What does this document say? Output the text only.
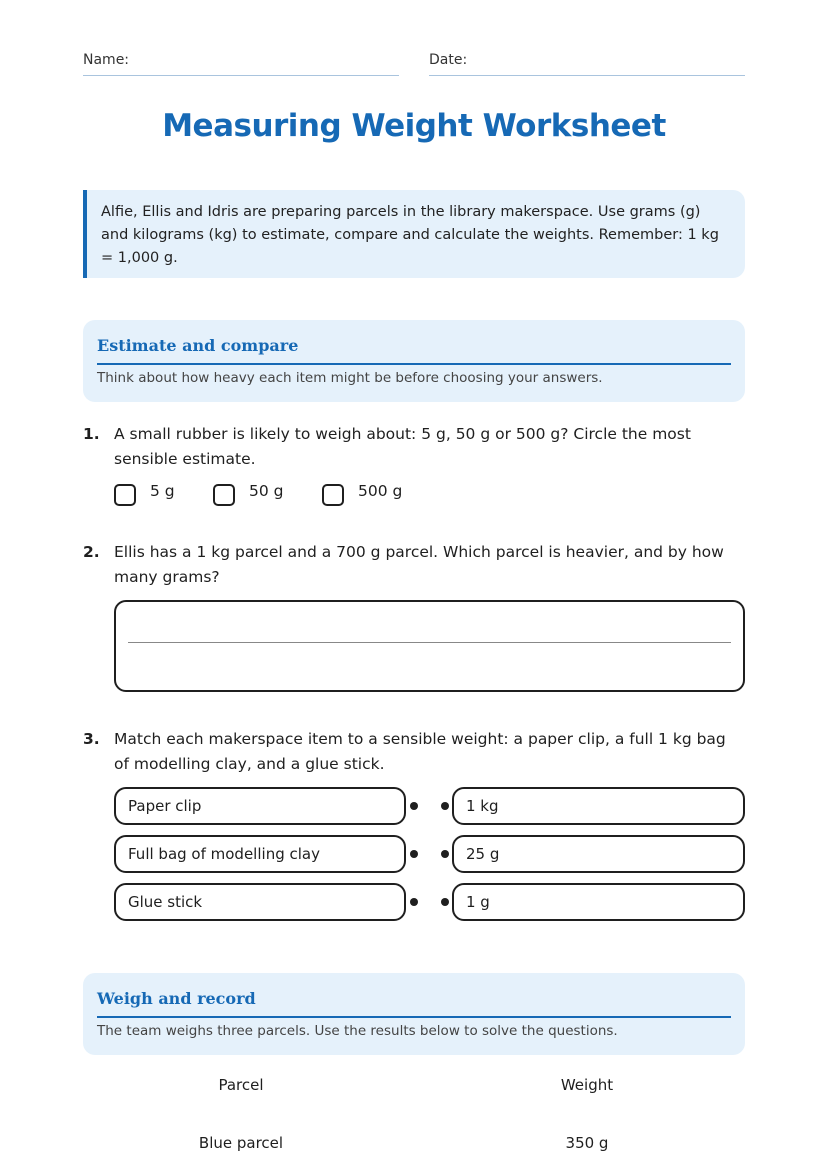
Name:	Date:
Measuring Weight Worksheet
Alfie, Ellis and Idris are preparing parcels in the library makerspace. Use grams (g) and kilograms (kg) to estimate, compare and calculate the weights. Remember: 1 kg = 1,000 g.
Estimate and compare
Think about how heavy each item might be before choosing your answers.
1. A small rubber is likely to weigh about: 5 g, 50 g or 500 g? Circle the most sensible estimate.
5 g	50 g	500 g
2. Ellis has a 1 kg parcel and a 700 g parcel. Which parcel is heavier, and by how many grams?
3. Match each makerspace item to a sensible weight: a paper clip, a full 1 kg bag of modelling clay, and a glue stick.
Paper clip	1 kg
Full bag of modelling clay	25 g
Glue stick	1 g
Weigh and record
The team weighs three parcels. Use the results below to solve the questions.
Parcel	Weight
Blue parcel	350 g
